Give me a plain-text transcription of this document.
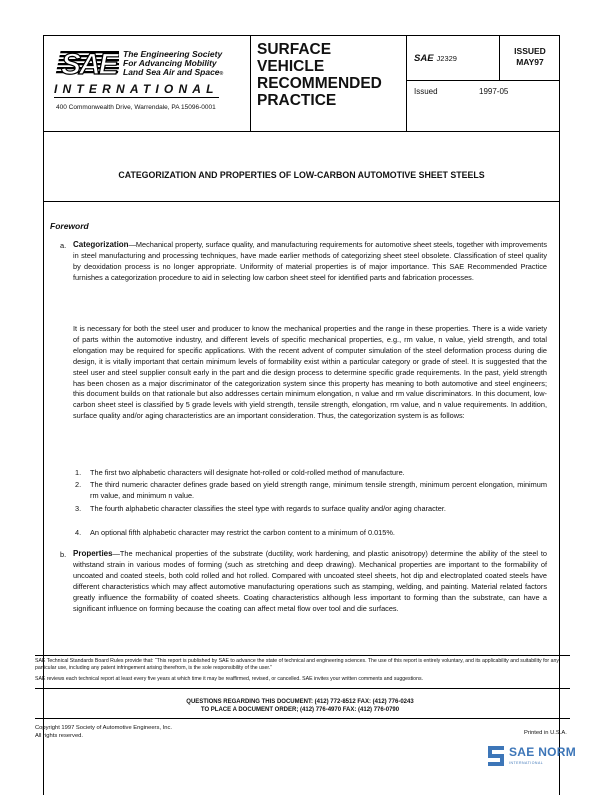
SAE The Engineering Society
For Advancing Mobility
Land Sea Air and Space®
INTERNATIONAL
400 Commonwealth Drive, Warrendale, PA 15096-0001
SURFACE
VEHICLE
RECOMMENDED
PRACTICE
SAE J2329
ISSUED
MAY97
Issued	1997-05
CATEGORIZATION AND PROPERTIES OF LOW-CARBON AUTOMOTIVE SHEET STEELS
Foreword
a. Categorization—Mechanical property, surface quality, and manufacturing requirements for automotive sheet steels, together with improvements in steel manufacturing and processing techniques, have made earlier methods of categorizing sheet steel obsolete. Classification of steel quality by deoxidation process is no longer appropriate. Uniformity of material properties is of major importance. This SAE Recommended Practice furnishes a categorization procedure to aid in selecting low carbon sheet steel for identified parts and fabrication processes.
It is necessary for both the steel user and producer to know the mechanical properties and the range in these properties. There is a wide variety of parts within the automotive industry, and different levels of specific mechanical properties, e.g., rm value, n value, yield strength, and total elongation may be required for specific applications. With the recent advent of computer simulation of the steel deformation process during die design, it is vitally important that certain minimum levels of formability exist within a particular category or grade of steel. It is suggested that the steel user and steel supplier consult early in the part and die design process to determine specific grade requirements. In the past, yield strength has been chosen as a major discriminator of the categorization system since this property has meaning to both automotive and steel engineers; this document builds on that rationale but also addresses certain minimum elongation, n value and rm value discriminators. In this document, low-carbon sheet steel is classified by 5 grade levels with yield strength, tensile strength, elongation, rm value, and n value requirements. In addition, surface quality and/or aging characteristics are an important consideration. Thus, the categorization system is as follows:
1. The first two alphabetic characters will designate hot-rolled or cold-rolled method of manufacture.
2. The third numeric character defines grade based on yield strength range, minimum tensile strength, minimum percent elongation, minimum rm value, and minimum n value.
3. The fourth alphabetic character classifies the steel type with regards to surface quality and/or aging character.
4. An optional fifth alphabetic character may restrict the carbon content to a minimum of 0.015%.
b. Properties—The mechanical properties of the substrate (ductility, work hardening, and plastic anisotropy) determine the ability of the steel to withstand strain in various modes of forming (such as stretching and deep drawing). Mechanical properties are important to the formability of uncoated and coated steels, both cold rolled and hot rolled. Compared with uncoated steel sheets, hot dip and electroplated coated steels have different characteristics which may affect automotive manufacturing operations such as stamping, welding, and painting. Material related factors greatly influence the formability of coated sheets. Coating characteristics although less important to forming than the substrate, can have a significant influence on forming because the coating can affect metal flow over tool and die surfaces.
SAE Technical Standards Board Rules provide that: “This report is published by SAE to advance the state of technical and engineering sciences. The use of this report is entirely voluntary, and its applicability and suitability for any particular use, including any patent infringement arising therefrom, is the sole responsibility of the user.”
SAE reviews each technical report at least every five years at which time it may be reaffirmed, revised, or cancelled. SAE invites your written comments and suggestions.
QUESTIONS REGARDING THIS DOCUMENT: (412) 772-8512 FAX: (412) 776-0243
TO PLACE A DOCUMENT ORDER; (412) 776-4970 FAX: (412) 776-0790
Copyright 1997 Society of Automotive Engineers, Inc.
All rights reserved.	Printed in U.S.A.
SAE NORM
INTERNATIONAL
